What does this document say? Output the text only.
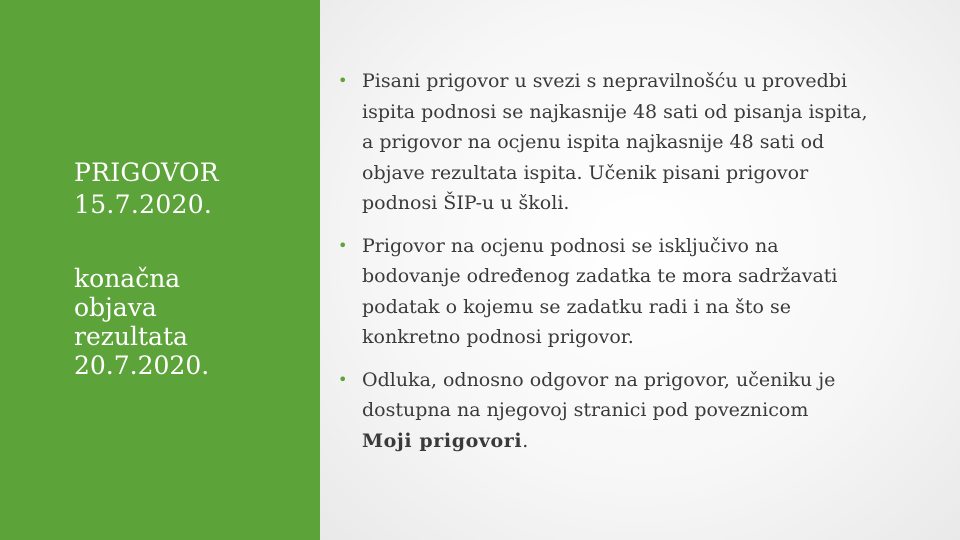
PRIGOVOR
15.7.2020.
konačna
objava
rezultata
20.7.2020.
• Pisani prigovor u svezi s nepravilnošću u provedbi
ispita podnosi se najkasnije 48 sati od pisanja ispita,
a prigovor na ocjenu ispita najkasnije 48 sati od
objave rezultata ispita. Učenik pisani prigovor
podnosi ŠIP-u u školi.
• Prigovor na ocjenu podnosi se isključivo na
bodovanje određenog zadatka te mora sadržavati
podatak o kojemu se zadatku radi i na što se
konkretno podnosi prigovor.
• Odluka, odnosno odgovor na prigovor, učeniku je
dostupna na njegovoj stranici pod poveznicom
Moji prigovori.
